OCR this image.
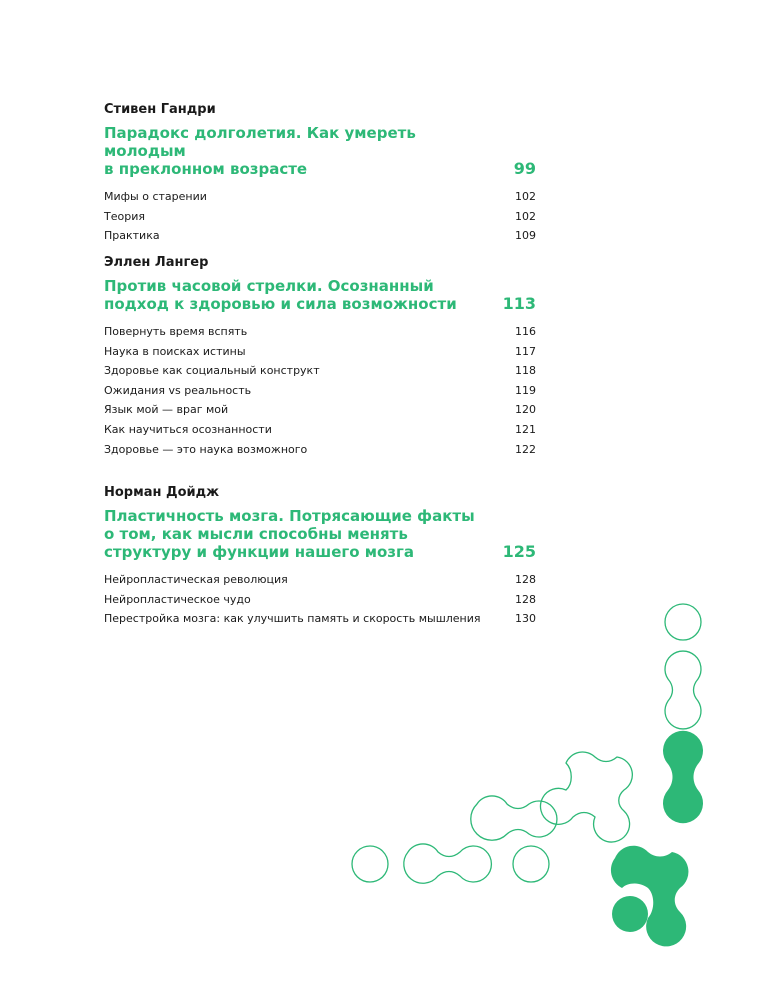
Стивен Гандри
Парадокс долголетия. Как умереть молодым
в преклонном возрасте	99
Мифы о старении	102
Теория	102
Практика	109
Эллен Лангер
Против часовой стрелки. Осознанный
подход к здоровью и сила возможности	113
Повернуть время вспять	116
Наука в поисках истины	117
Здоровье как социальный конструкт	118
Ожидания vs реальность	119
Язык мой — враг мой	120
Как научиться осознанности	121
Здоровье — это наука возможного	122
Норман Дойдж
Пластичность мозга. Потрясающие факты
о том, как мысли способны менять
структуру и функции нашего мозга	125
Нейропластическая революция	128
Нейропластическое чудо	128
Перестройка мозга: как улучшить память и скорость мышления	130
